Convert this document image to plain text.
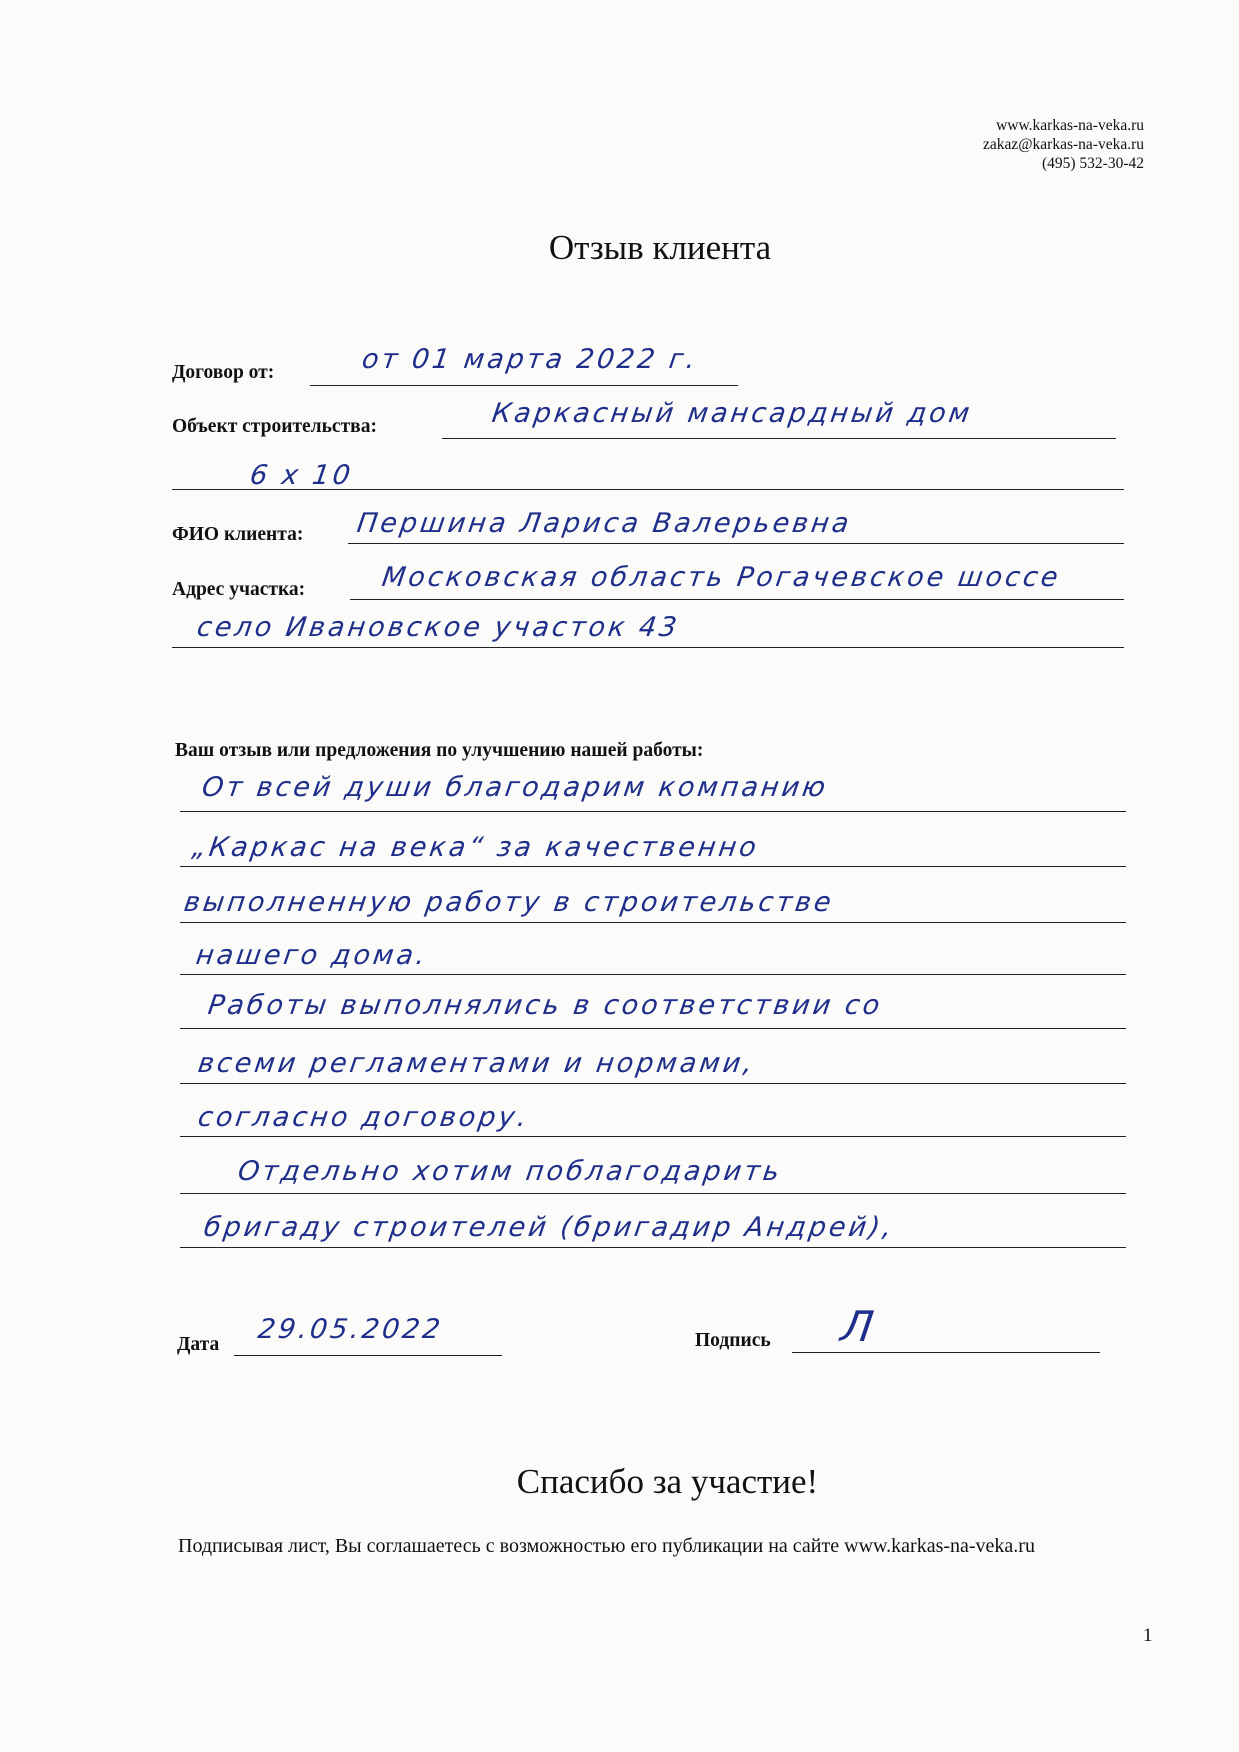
www.karkas-na-veka.ru
zakaz@karkas-na-veka.ru
(495) 532-30-42
Отзыв клиента
Договор от:	от 01 марта 2022 г.
Объект строительства:	Каркасный мансардный дом
6 x 10
ФИО клиента: Першина Лариса Валерьевна
Адрес участка:	Московская область Рогачевское шоссе
село Ивановское участок 43
Ваш отзыв или предложения по улучшению нашей работы:
От всей души благодарим компанию
„Каркас на века“ за качественно
выполненную работу в строительстве
нашего дома.
Работы выполнялись в соответствии со
всеми регламентами и нормами,
согласно договору.
Отдельно хотим поблагодарить
бригаду строителей (бригадир Андрей),
Дата 29.05.2022	Подпись Л
Спасибо за участие!
Подписывая лист, Вы соглашаетесь с возможностью его публикации на сайте www.karkas-na-veka.ru
1
